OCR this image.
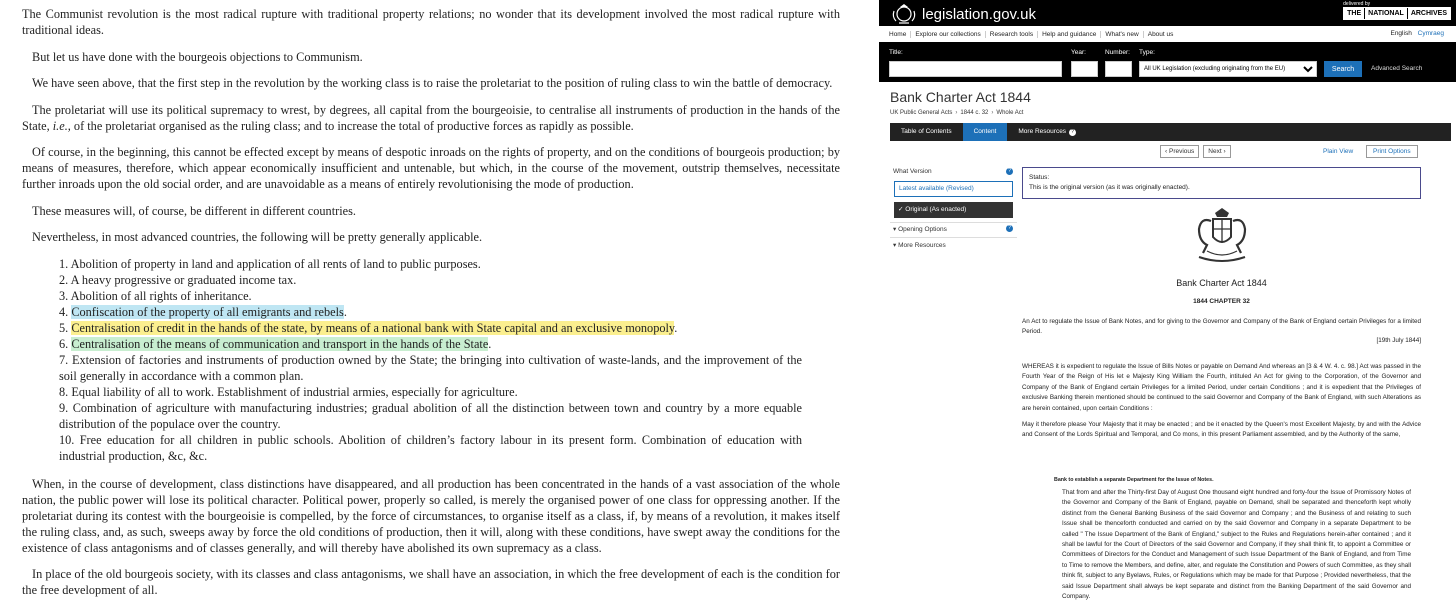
The Communist revolution is the most radical rupture with traditional property relations; no wonder that its development involved the most radical rupture with traditional ideas.

But let us have done with the bourgeois objections to Communism.

We have seen above, that the first step in the revolution by the working class is to raise the proletariat to the position of ruling class to win the battle of democracy.

The proletariat will use its political supremacy to wrest, by degrees, all capital from the bourgeoisie, to centralise all instruments of production in the hands of the State, i.e., of the proletariat organised as the ruling class; and to increase the total of productive forces as rapidly as possible.

Of course, in the beginning, this cannot be effected except by means of despotic inroads on the rights of property, and on the conditions of bourgeois production; by means of measures, therefore, which appear economically insufficient and untenable, but which, in the course of the movement, outstrip themselves, necessitate further inroads upon the old social order, and are unavoidable as a means of entirely revolutionising the mode of production.

These measures will, of course, be different in different countries.

Nevertheless, in most advanced countries, the following will be pretty generally applicable.

1. Abolition of property in land and application of all rents of land to public purposes.
2. A heavy progressive or graduated income tax.
3. Abolition of all rights of inheritance.
4. Confiscation of the property of all emigrants and rebels.
5. Centralisation of credit in the hands of the state, by means of a national bank with State capital and an exclusive monopoly.
6. Centralisation of the means of communication and transport in the hands of the State.
7. Extension of factories and instruments of production owned by the State; the bringing into cultivation of waste-lands, and the improvement of the soil generally in accordance with a common plan.
8. Equal liability of all to work. Establishment of industrial armies, especially for agriculture.
9. Combination of agriculture with manufacturing industries; gradual abolition of all the distinction between town and country by a more equable distribution of the populace over the country.
10. Free education for all children in public schools. Abolition of children’s factory labour in its present form. Combination of education with industrial production, &c, &c.

When, in the course of development, class distinctions have disappeared, and all production has been concentrated in the hands of a vast association of the whole nation, the public power will lose its political character. Political power, properly so called, is merely the organised power of one class for oppressing another. If the proletariat during its contest with the bourgeoisie is compelled, by the force of circumstances, to organise itself as a class, if, by means of a revolution, it makes itself the ruling class, and, as such, sweeps away by force the old conditions of production, then it will, along with these conditions, have swept away the conditions for the existence of class antagonisms and of classes generally, and will thereby have abolished its own supremacy as a class.

In place of the old bourgeois society, with its classes and class antagonisms, we shall have an association, in which the free development of each is the condition for the free development of all.

legislation.gov.uk
delivered by
THE	NATIONAL	ARCHIVES
Home	Explore our collections	Research tools	Help and guidance	What's new	About us	English Cymraeg
Title:	Year:	Number: Type:
All UK Legislation (excluding originating from the EU)
Search	Advanced Search
Bank Charter Act 1844
UK Public General Acts › 1844 c. 32 › Whole Act
Table of Contents	Content	More Resources ?
‹ Previous	Next ›	Plain View	Print Options
What Version	?
Latest available (Revised)
✓ Original (As enacted)
▾ Opening Options	?
▾ More Resources
Status:
This is the original version (as it was originally enacted).
Bank Charter Act 1844
1844 CHAPTER 32
An Act to regulate the Issue of Bank Notes, and for giving to the Governor and Company of the Bank of England certain Privileges for a limited Period.
[19th July 1844]
WHEREAS it is expedient to regulate the Issue of Bills Notes or payable on Demand And whereas an [3 & 4 W. 4. c. 98.] Act was passed in the Fourth Year of the Reign of His let e Majesty King William the Fourth, intituled An Act for giving to the Corporation, of the Governor and Company of the Bank of England certain Privileges for a limited Period, under certain Conditions ; and it is expedient that the Privileges of exclusive Banking therein mentioned should be continued to the said Governor and Company of the Bank of England, with such Alterations as are herein contained, upon certain Conditions :
May it therefore please Your Majesty that it may be enacted ; and be it enacted by the Queen's most Excellent Majesty, by and with the Advice and Consent of the Lords Spiritual and Temporal, and Co mons, in this present Parliament assembled, and by the Authority of the same,
Bank to establish a separate Department for the Issue of Notes.
That from and after the Thirty-first Day of August One thousand eight hundred and forty-four the Issue of Promissory Notes of the Governor and Company of the Bank of England, payable on Demand, shall be separated and thenceforth kept wholly distinct from the General Banking Business of the said Governor and Company ; and the Business of and relating to such Issue shall be thenceforth conducted and carried on by the said Governor and Company in a separate Department to be called " The Issue Department of the Bank of England," subject to the Rules and Regulations herein-after contained ; and it shall be lawful for the Court of Directors of the said Governor and Company, if they shall think fit, to appoint a Committee or Committees of Directors for the Conduct and Management of such Issue Department of the Bank of England, and from Time to Time to remove the Members, and define, alter, and regulate the Constitution and Powers of such Committee, as they shall think fit, subject to any Byelaws, Rules, or Regulations which may be made for that Purpose ; Provided nevertheless, that the said Issue Department shall always be kept separate and distinct from the Banking Department of the said Governor and Company.
